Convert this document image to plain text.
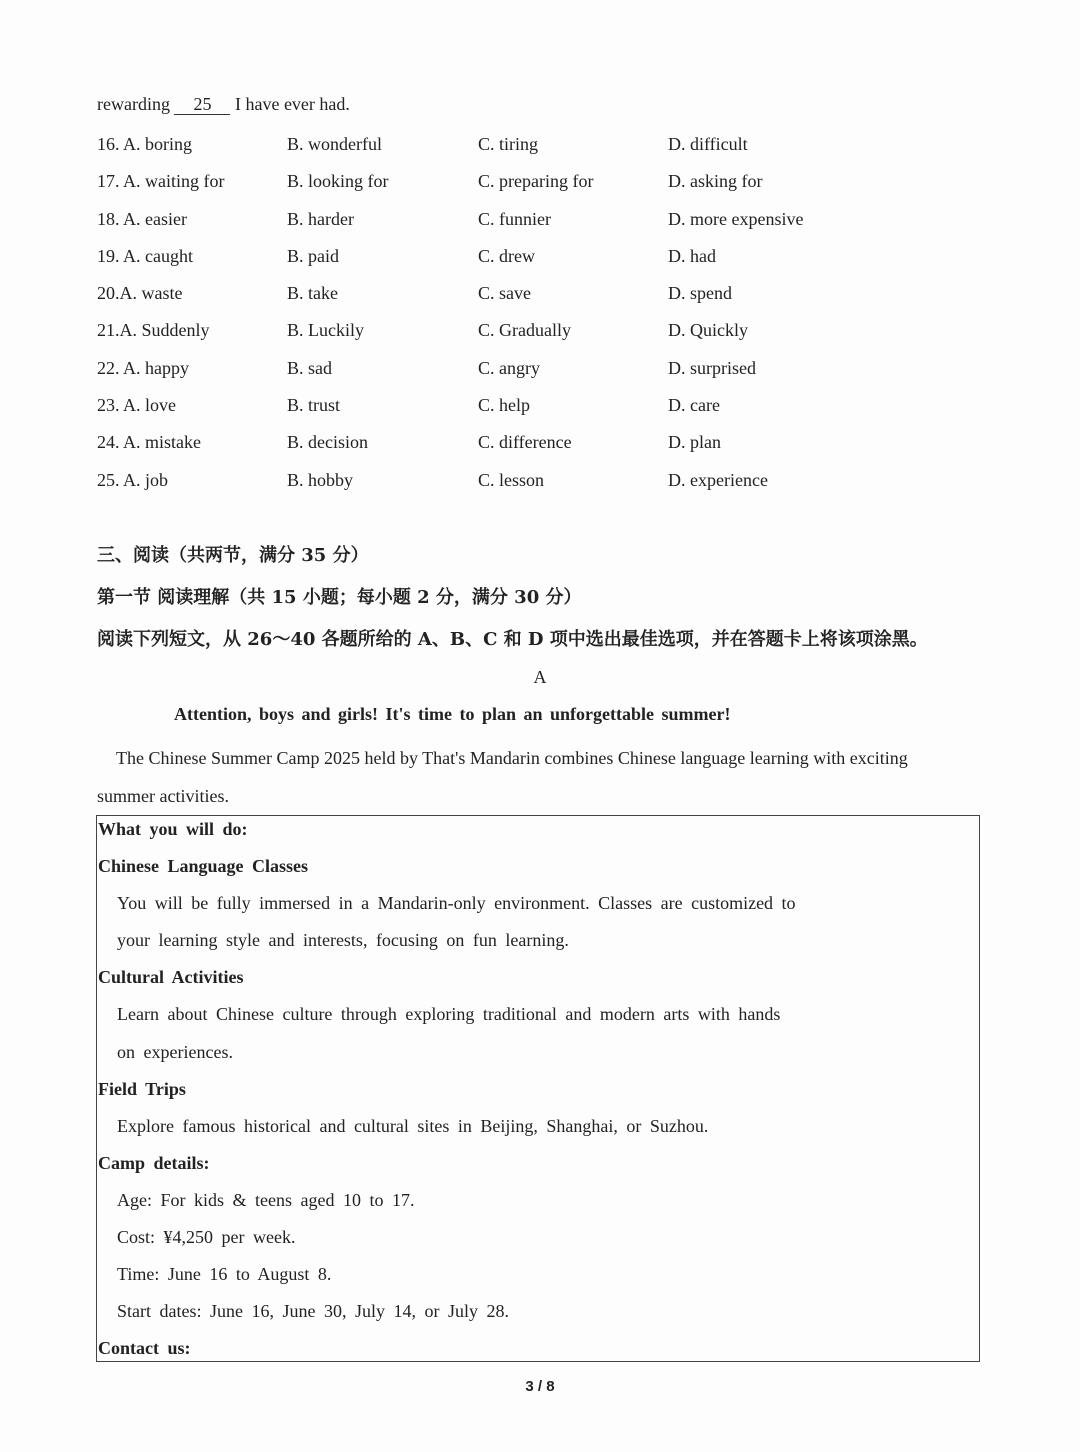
rewarding 25 I have ever had.
16. A. boring	B. wonderful	C. tiring	D. difficult
17. A. waiting for	B. looking for	C. preparing for	D. asking for
18. A. easier	B. harder	C. funnier	D. more expensive
19. A. caught	B. paid	C. drew	D. had
20.A. waste	B. take	C. save	D. spend
21.A. Suddenly	B. Luckily	C. Gradually	D. Quickly
22. A. happy	B. sad	C. angry	D. surprised
23. A. love	B. trust	C. help	D. care
24. A. mistake	B. decision	C. difference	D. plan
25. A. job	B. hobby	C. lesson	D. experience
三、阅读（共两节，满分 35 分）
第一节 阅读理解（共 15 小题；每小题 2 分，满分 30 分）
阅读下列短文，从 26～40 各题所给的 A、B、C 和 D 项中选出最佳选项，并在答题卡上将该项涂黑。
A
Attention, boys and girls! It's time to plan an unforgettable summer!
The Chinese Summer Camp 2025 held by That's Mandarin combines Chinese language learning with exciting summer activities.
What you will do:
Chinese Language Classes
You will be fully immersed in a Mandarin-only environment. Classes are customized to
your learning style and interests, focusing on fun learning.
Cultural Activities
Learn about Chinese culture through exploring traditional and modern arts with hands
on experiences.
Field Trips
Explore famous historical and cultural sites in Beijing, Shanghai, or Suzhou.
Camp details:
Age: For kids & teens aged 10 to 17.
Cost: ¥4,250 per week.
Time: June 16 to August 8.
Start dates: June 16, June 30, July 14, or July 28.
Contact us:
3 / 8
